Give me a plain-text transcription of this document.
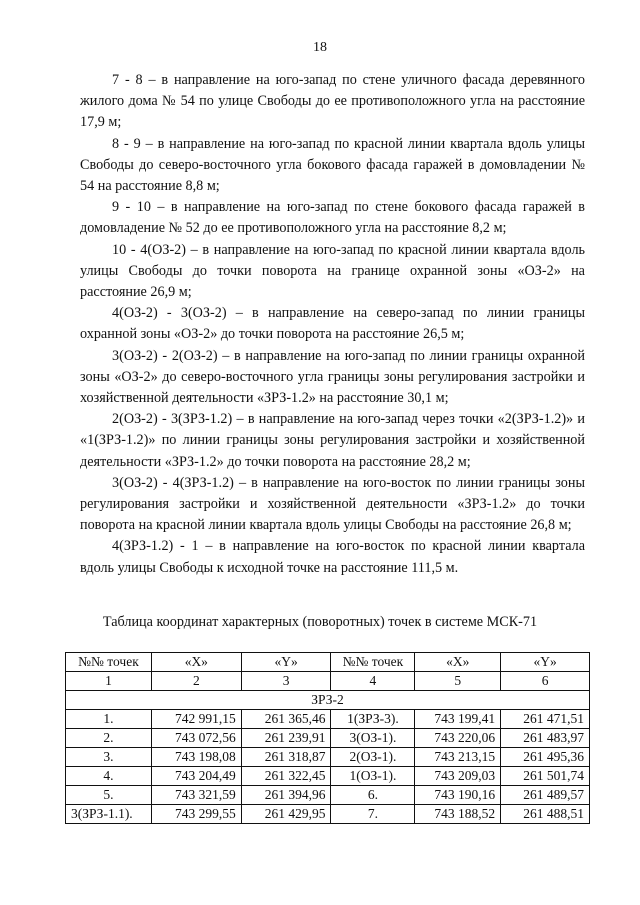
18

7 - 8 – в направление на юго-запад по стене уличного фасада деревянного жилого дома № 54 по улице Свободы до ее противоположного угла на расстояние 17,9 м;

8 - 9 – в направление на юго-запад по красной линии квартала вдоль улицы Свободы до северо-восточного угла бокового фасада гаражей в домовладении № 54 на расстояние 8,8 м;

9 - 10 – в направление на юго-запад по стене бокового фасада гаражей в домовладение № 52 до ее противоположного угла на расстояние 8,2 м;

10 - 4(ОЗ-2) – в направление на юго-запад по красной линии квартала вдоль улицы Свободы до точки поворота на границе охранной зоны «ОЗ-2» на расстояние 26,9 м;

4(ОЗ-2) - 3(ОЗ-2) – в направление на северо-запад по линии границы охранной зоны «ОЗ-2» до точки поворота на расстояние 26,5 м;

3(ОЗ-2) - 2(ОЗ-2) – в направление на юго-запад по линии границы охранной зоны «ОЗ-2» до северо-восточного угла границы зоны регулирования застройки и хозяйственной деятельности «ЗРЗ-1.2» на расстояние 30,1 м;

2(ОЗ-2) - 3(ЗРЗ-1.2) – в направление на юго-запад через точки «2(ЗРЗ-1.2)» и «1(ЗРЗ-1.2)» по линии границы зоны регулирования застройки и хозяйственной деятельности «ЗРЗ-1.2» до точки поворота на расстояние 28,2 м;

3(ОЗ-2) - 4(ЗРЗ-1.2) – в направление на юго-восток по линии границы зоны регулирования застройки и хозяйственной деятельности «ЗРЗ-1.2» до точки поворота на красной линии квартала вдоль улицы Свободы на расстояние 26,8 м;

4(ЗРЗ-1.2) - 1 – в направление на юго-восток по красной линии квартала вдоль улицы Свободы к исходной точке на расстояние 111,5 м.

Таблица координат характерных (поворотных) точек в системе МСК-71
№№ точек	«X»	«Y»	№№ точек	«X»	«Y»
1	2	3	4	5	6
ЗРЗ-2					
1.	742 991,15	261 365,46	1(ЗРЗ-3).	743 199,41	261 471,51
2.	743 072,56	261 239,91	3(ОЗ-1).	743 220,06	261 483,97
3.	743 198,08	261 318,87	2(ОЗ-1).	743 213,15	261 495,36
4.	743 204,49	261 322,45	1(ОЗ-1).	743 209,03	261 501,74
5.	743 321,59	261 394,96	6.	743 190,16	261 489,57
3(ЗРЗ-1.1).	743 299,55	261 429,95	7.	743 188,52	261 488,51
